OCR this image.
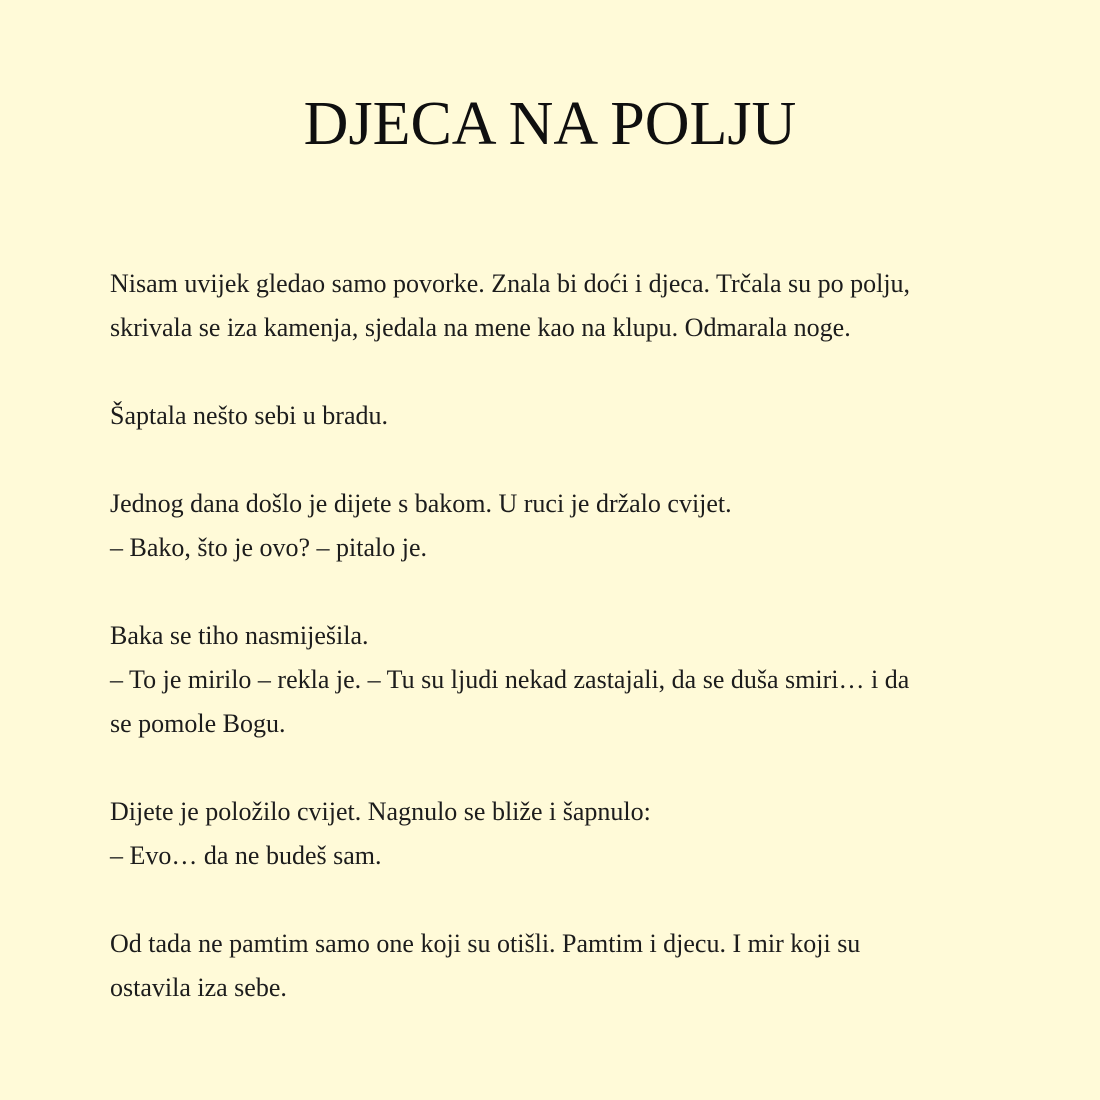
DJECA NA POLJU

Nisam uvijek gledao samo povorke. Znala bi doći i djeca. Trčala su po polju,
skrivala se iza kamenja, sjedala na mene kao na klupu. Odmarala noge.

Šaptala nešto sebi u bradu.

Jednog dana došlo je dijete s bakom. U ruci je držalo cvijet.
– Bako, što je ovo? – pitalo je.

Baka se tiho nasmiješila.
– To je mirilo – rekla je. – Tu su ljudi nekad zastajali, da se duša smiri… i da
se pomole Bogu.

Dijete je položilo cvijet. Nagnulo se bliže i šapnulo:
– Evo… da ne budeš sam.

Od tada ne pamtim samo one koji su otišli. Pamtim i djecu. I mir koji su
ostavila iza sebe.
